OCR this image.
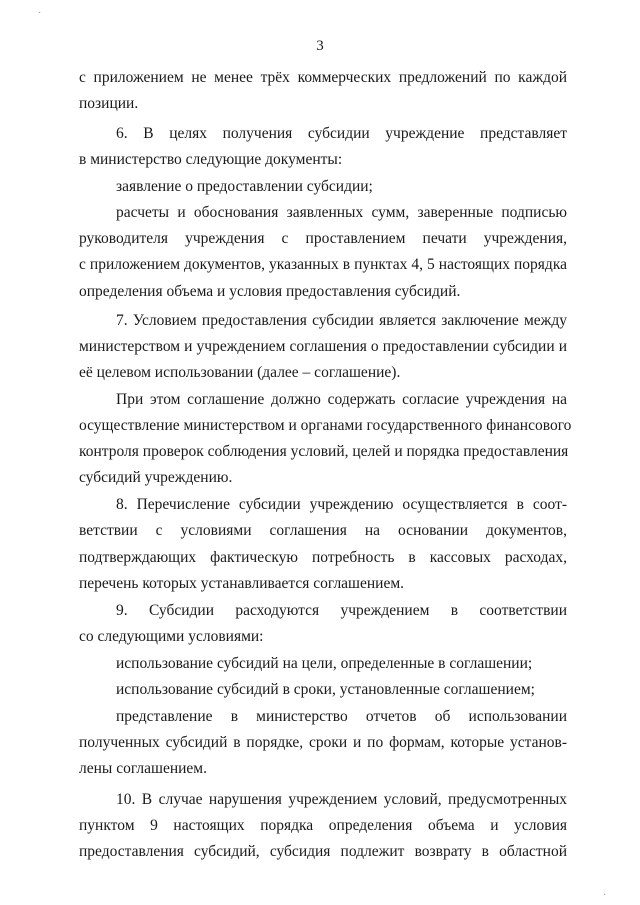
·
3
с приложением не менее трёх коммерческих предложений по каждой
позиции.
6. В целях получения субсидии учреждение представляет
в министерство следующие документы:
заявление о предоставлении субсидии;
расчеты и обоснования заявленных сумм, заверенные подписью
руководителя учреждения с проставлением печати учреждения,
с приложением документов, указанных в пунктах 4, 5 настоящих порядка
определения объема и условия предоставления субсидий.
7. Условием предоставления субсидии является заключение между
министерством и учреждением соглашения о предоставлении субсидии и
её целевом использовании (далее – соглашение).
При этом соглашение должно содержать согласие учреждения на
осуществление министерством и органами государственного финансового
контроля проверок соблюдения условий, целей и порядка предоставления
субсидий учреждению.
8. Перечисление субсидии учреждению осуществляется в соот-
ветствии с условиями соглашения на основании документов,
подтверждающих фактическую потребность в кассовых расходах,
перечень которых устанавливается соглашением.
9. Субсидии расходуются учреждением в соответствии
со следующими условиями:
использование субсидий на цели, определенные в соглашении;
использование субсидий в сроки, установленные соглашением;
представление в министерство отчетов об использовании
полученных субсидий в порядке, сроки и по формам, которые установ-
лены соглашением.
10. В случае нарушения учреждением условий, предусмотренных
пунктом 9 настоящих порядка определения объема и условия
предоставления субсидий, субсидия подлежит возврату в областной
·
